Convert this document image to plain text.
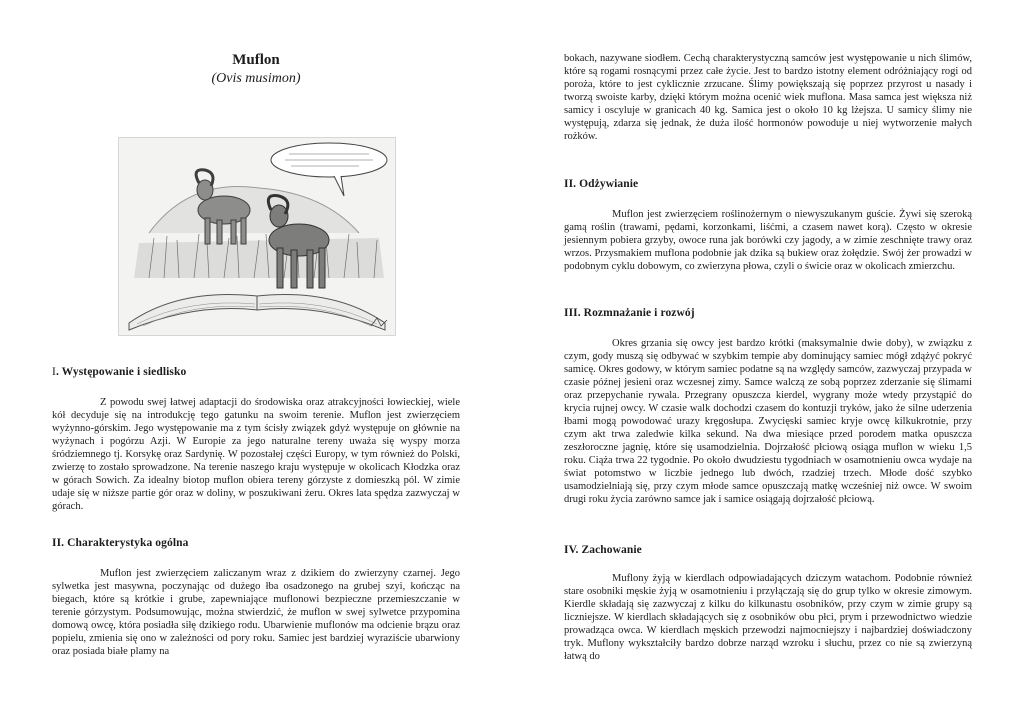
Muflon
(Ovis musimon)
I. Występowanie i siedlisko

Z powodu swej łatwej adaptacji do środowiska oraz atrakcyjności łowieckiej, wiele kół decyduje się na introdukcję tego gatunku na swoim terenie. Muflon jest zwierzęciem wyżynno-górskim. Jego występowanie ma z tym ścisły związek gdyż występuje on głównie na wyżynach i pogórzu Azji. W Europie za jego naturalne tereny uważa się wyspy morza śródziemnego tj. Korsykę oraz Sardynię. W pozostałej części Europy, w tym również do Polski, zwierzę to zostało sprowadzone. Na terenie naszego kraju występuje w okolicach Kłodzka oraz w górach Sowich. Za idealny biotop muflon obiera tereny górzyste z domieszką pól. W zimie udaje się w niższe partie gór oraz w doliny, w poszukiwani żeru. Okres lata spędza zazwyczaj w górach.

II. Charakterystyka ogólna

Muflon jest zwierzęciem zaliczanym wraz z dzikiem do zwierzyny czarnej. Jego sylwetka jest masywna, poczynając od dużego łba osadzonego na grubej szyi, kończąc na biegach, które są krótkie i grube, zapewniające muflonowi bezpieczne przemieszczanie w terenie górzystym. Podsumowując, można stwierdzić, że muflon w swej sylwetce przypomina domową owcę, która posiadła siłę dzikiego rodu. Ubarwienie muflonów ma odcienie brązu oraz popielu, zmienia się ono w zależności od pory roku. Samiec jest bardziej wyraziście ubarwiony oraz posiada białe plamy na

bokach, nazywane siodłem. Cechą charakterystyczną samców jest występowanie u nich ślimów, które są rogami rosnącymi przez całe życie. Jest to bardzo istotny element odróżniający rogi od poroża, które to jest cyklicznie zrzucane. Ślimy powiększają się poprzez przyrost u nasady i tworzą swoiste karby, dzięki którym można ocenić wiek muflona. Masa samca jest większa niż samicy i oscyluje w granicach 40 kg. Samica jest o około 10 kg lżejsza. U samicy ślimy nie występują, zdarza się jednak, że duża ilość hormonów powoduje u niej wytworzenie małych rożków.

II. Odżywianie

Muflon jest zwierzęciem roślinożernym o niewyszukanym guście. Żywi się szeroką gamą roślin (trawami, pędami, korzonkami, liśćmi, a czasem nawet korą). Często w okresie jesiennym pobiera grzyby, owoce runa jak borówki czy jagody, a w zimie zeschnięte trawy oraz wrzos. Przysmakiem muflona podobnie jak dzika są bukiew oraz żołędzie. Swój żer prowadzi w podobnym cyklu dobowym, co zwierzyna płowa, czyli o świcie oraz w okolicach zmierzchu.

III. Rozmnażanie i rozwój

Okres grzania się owcy jest bardzo krótki (maksymalnie dwie doby), w związku z czym, gody muszą się odbywać w szybkim tempie aby dominujący samiec mógł zdążyć pokryć samicę. Okres godowy, w którym samiec podatne są na względy samców, zazwyczaj przypada w czasie późnej jesieni oraz wczesnej zimy. Samce walczą ze sobą poprzez zderzanie się ślimami oraz przepychanie rywala. Przegrany opuszcza kierdel, wygrany może wtedy przystąpić do krycia rujnej owcy. W czasie walk dochodzi czasem do kontuzji tryków, jako że silne uderzenia łbami mogą powodować urazy kręgosłupa. Zwycięski samiec kryje owcę kilkukrotnie, przy czym akt trwa zaledwie kilka sekund. Na dwa miesiące przed porodem matka opuszcza zeszłoroczne jagnię, które się usamodzielnia. Dojrzałość płciową osiąga muflon w wieku 1,5 roku. Ciąża trwa 22 tygodnie. Po około dwudziestu tygodniach w osamotnieniu owca wydaje na świat potomstwo w liczbie jednego lub dwóch, rzadziej trzech. Młode dość szybko usamodzielniają się, przy czym młode samce opuszczają matkę wcześniej niż owce. W swoim drugi roku życia zarówno samce jak i samice osiągają dojrzałość płciową.

IV. Zachowanie

Muflony żyją w kierdlach odpowiadających dziczym watachom. Podobnie również stare osobniki męskie żyją w osamotnieniu i przyłączają się do grup tylko w okresie zimowym. Kierdle składają się zazwyczaj z kilku do kilkunastu osobników, przy czym w zimie grupy są liczniejsze. W kierdlach składających się z osobników obu płci, prym i przewodnictwo wiedzie prowadząca owca. W kierdlach męskich przewodzi najmocniejszy i najbardziej doświadczony tryk. Muflony wykształciły bardzo dobrze narząd wzroku i słuchu, przez co nie są zwierzyną łatwą do
